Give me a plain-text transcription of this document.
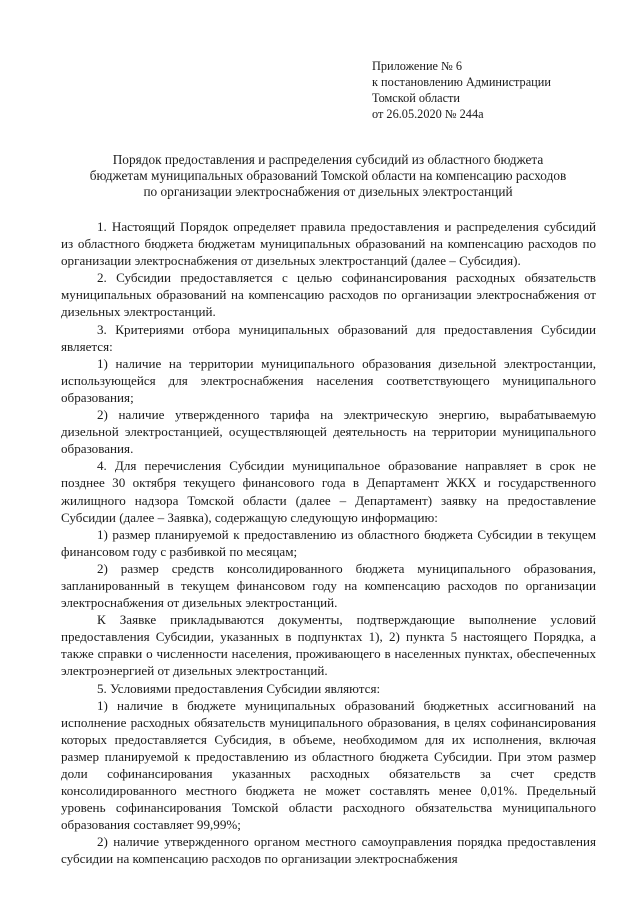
Приложение № 6
к постановлению Администрации
Томской области
от 26.05.2020 № 244а
Порядок предоставления и распределения субсидий из областного бюджета бюджетам муниципальных образований Томской области на компенсацию расходов по организации электроснабжения от дизельных электростанций

1. Настоящий Порядок определяет правила предоставления и распределения субсидий из областного бюджета бюджетам муниципальных образований на компенсацию расходов по организации электроснабжения от дизельных электростанций (далее – Субсидия).

2. Субсидии предоставляется с целью софинансирования расходных обязательств муниципальных образований на компенсацию расходов по организации электроснабжения от дизельных электростанций.

3. Критериями отбора муниципальных образований для предоставления Субсидии является:

1) наличие на территории муниципального образования дизельной электростанции, использующейся для электроснабжения населения соответствующего муниципального образования;

2) наличие утвержденного тарифа на электрическую энергию, вырабатываемую дизельной электростанцией, осуществляющей деятельность на территории муниципального образования.

4. Для перечисления Субсидии муниципальное образование направляет в срок не позднее 30 октября текущего финансового года в Департамент ЖКХ и государственного жилищного надзора Томской области (далее – Департамент) заявку на предоставление Субсидии (далее – Заявка), содержащую следующую информацию:

1) размер планируемой к предоставлению из областного бюджета Субсидии в текущем финансовом году с разбивкой по месяцам;

2) размер средств консолидированного бюджета муниципального образования, запланированный в текущем финансовом году на компенсацию расходов по организации электроснабжения от дизельных электростанций.

К Заявке прикладываются документы, подтверждающие выполнение условий предоставления Субсидии, указанных в подпунктах 1), 2) пункта 5 настоящего Порядка, а также справки о численности населения, проживающего в населенных пунктах, обеспеченных электроэнергией от дизельных электростанций.

5. Условиями предоставления Субсидии являются:

1) наличие в бюджете муниципальных образований бюджетных ассигнований на исполнение расходных обязательств муниципального образования, в целях софинансирования которых предоставляется Субсидия, в объеме, необходимом для их исполнения, включая размер планируемой к предоставлению из областного бюджета Субсидии. При этом размер доли софинансирования указанных расходных обязательств за счет средств консолидированного местного бюджета не может составлять менее 0,01%. Предельный уровень софинансирования Томской области расходного обязательства муниципального образования составляет 99,99%;

2) наличие утвержденного органом местного самоуправления порядка предоставления субсидии на компенсацию расходов по организации электроснабжения
